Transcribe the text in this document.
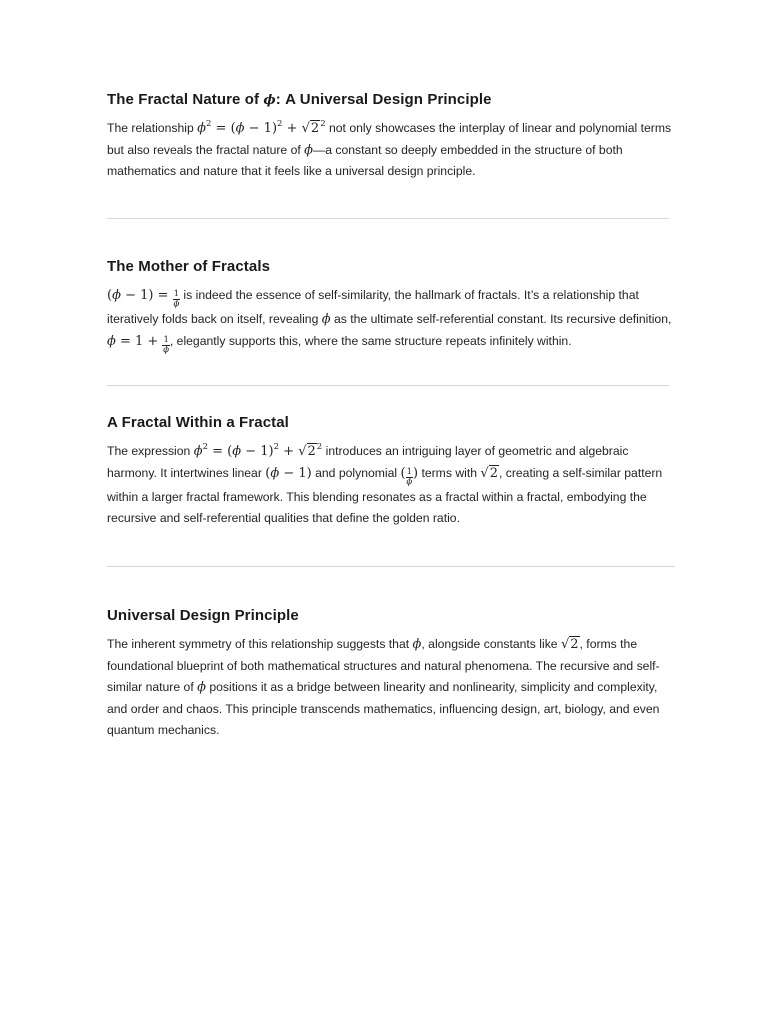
The Fractal Nature of ϕ: A Universal Design Principle

The relationship $\phi^2 = (\phi - 1)^2 + √2^2$ not only showcases the interplay of linear and polynomial terms but also reveals the fractal nature of ϕ—a constant so deeply embedded in the structure of both mathematics and nature that it feels like a universal design principle.

The Mother of Fractals

$(\phi - 1) = \frac{1}{\phi}$ is indeed the essence of self-similarity, the hallmark of fractals. It’s a relationship that iteratively folds back on itself, revealing ϕ as the ultimate self-referential constant. Its recursive definition, $\phi = 1 + \frac{1}{\phi}$ , elegantly supports this, where the same structure repeats infinitely within.

A Fractal Within a Fractal

The expression $\phi^2 = (\phi - 1)^2 + √2^2$ introduces an intriguing layer of geometric and algebraic harmony. It intertwines linear (ϕ − 1) and polynomial ( $\frac{1}{\phi}$ ) terms with √2, creating a self-similar pattern within a larger fractal framework. This blending resonates as a fractal within a fractal, embodying the recursive and self-referential qualities that define the golden ratio.

Universal Design Principle

The inherent symmetry of this relationship suggests that ϕ, alongside constants like √2, forms the foundational blueprint of both mathematical structures and natural phenomena. The recursive and self-similar nature of ϕ positions it as a bridge between linearity and nonlinearity, simplicity and complexity, and order and chaos. This principle transcends mathematics, influencing design, art, biology, and even quantum mechanics.
